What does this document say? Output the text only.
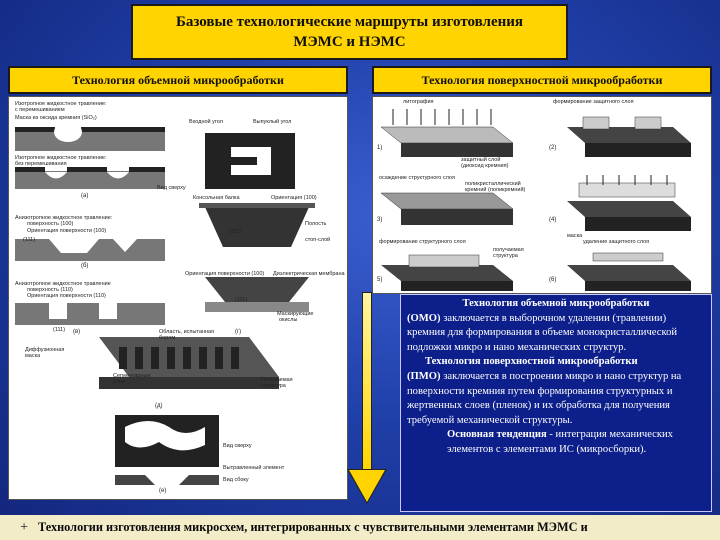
Базовые технологические маршруты изготовления
МЭМС и НЭМС
Технология объемной микрообработки	Технология поверхностной микрообработки
Изотропное жидкостное травление:
с перемешиванием
Маска из оксида кремния (SiO₂)
Изотропное жидкостное травление:
без перемешивания
(а)
Анизотропное жидкостное травление:
поверхность (100)
Ориентация поверхности (100)
(111)
(б)
Анизотропное жидкостное травление
поверхность (110)
Ориентация поверхности (110)
(111) (в)
Входной угол	Выпуклый угол
Вид сверху
Консольная балка	Ориентация (100)
(111)
Полость
стоп-слой
Ориентация поверхности (100) Диэлектрическая мембрана
(111)
(г)
Маскирующие
окислы
Область, испытанная
бором
Диффузионная
маска
Сегментарные
слои	Получаемая
структура
(д)
Вид сверху
Вытравленный элемент
Вид сбоку
(е)
литография	формирование защитного слоя
защитный слой
(диоксид кремния)
осаждение структурного слоя
поликристаллический
кремний (поликремний)
маска
формирование структурного слоя
получаемая
структура
удаление защитного слоя
1)	(2)
3)	(4)
5)	(6)

Технология объемной микрообработки

(ОМО) заключается в выборочном удалении (травлении) кремния для формирования в объеме монокристаллической подложки микро и нано механических структур.

Технология поверхностной микрообработки

(ПМО) заключается в построении микро и нано структур на поверхности кремния путем формирования структурных и жертвенных слоев (пленок) и их обработка для получения требуемой механической структуры.

Основная тенденция - интеграция механических элементов с элементами ИС (микросборки).

+ Технологии изготовления микросхем, интегрированных с чувствительными элементами МЭМС и
